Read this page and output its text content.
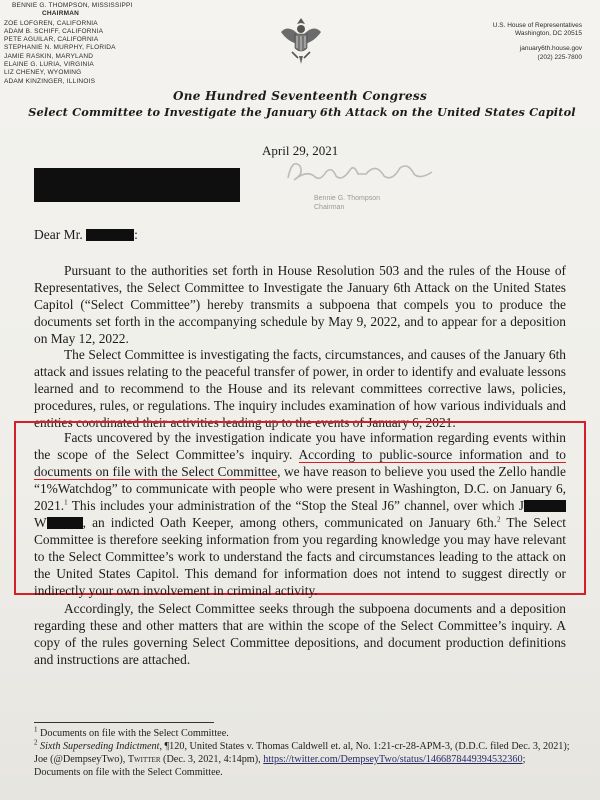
BENNIE G. THOMPSON, MISSISSIPPI
CHAIRMAN
ZOE LOFGREN, CALIFORNIA
ADAM B. SCHIFF, CALIFORNIA
PETE AGUILAR, CALIFORNIA
STEPHANIE N. MURPHY, FLORIDA
JAMIE RASKIN, MARYLAND
ELAINE G. LURIA, VIRGINIA
LIZ CHENEY, WYOMING
ADAM KINZINGER, ILLINOIS
U.S. House of Representatives
Washington, DC 20515
january6th.house.gov
(202) 225-7800
One Hundred Seventeenth Congress
Select Committee to Investigate the January 6th Attack on the United States Capitol
April 29, 2021
Bennie G. Thompson
Chairman
Dear Mr.	:

Pursuant to the authorities set forth in House Resolution 503 and the rules of the House of Representatives, the Select Committee to Investigate the January 6th Attack on the United States Capitol (“Select Committee”) hereby transmits a subpoena that compels you to produce the documents set forth in the accompanying schedule by May 9, 2022, and to appear for a deposition on May 12, 2022.

The Select Committee is investigating the facts, circumstances, and causes of the January 6th attack and issues relating to the peaceful transfer of power, in order to identify and evaluate lessons learned and to recommend to the House and its relevant committees corrective laws, policies, procedures, rules, or regulations. The inquiry includes examination of how various individuals and entities coordinated their activities leading up to the events of January 6, 2021.

Facts uncovered by the investigation indicate you have information regarding events within the scope of the Select Committee’s inquiry. According to public-source information and to documents on file with the Select Committee, we have reason to believe you used the Zello handle “1%Watchdog” to communicate with people who were present in Washington, D.C. on January 6, 2021.$^1$ This includes your administration of the “Stop the Steal J6” channel, over which J W	, an indicted Oath Keeper, among others, communicated on January 6th.$^2$ The Select Committee is therefore seeking information from you regarding knowledge you may have relevant to the Select Committee’s work to understand the facts and circumstances leading to the attack on the United States Capitol. This demand for information does not intend to suggest directly or indirectly your own involvement in criminal activity.

Accordingly, the Select Committee seeks through the subpoena documents and a deposition regarding these and other matters that are within the scope of the Select Committee’s inquiry. A copy of the rules governing Select Committee depositions, and document production definitions and instructions are attached.

$^1$ Documents on file with the Select Committee.

$^2$ Sixth Superseding Indictment, ¶120, United States v. Thomas Caldwell et. al, No. 1:21-cr-28-APM-3, (D.D.C. filed Dec. 3, 2021); Joe (@DempseyTwo), Twitter (Dec. 3, 2021, 4:14pm), https://twitter.com/DempseyTwo/status/1466878449394532360; Documents on file with the Select Committee.
